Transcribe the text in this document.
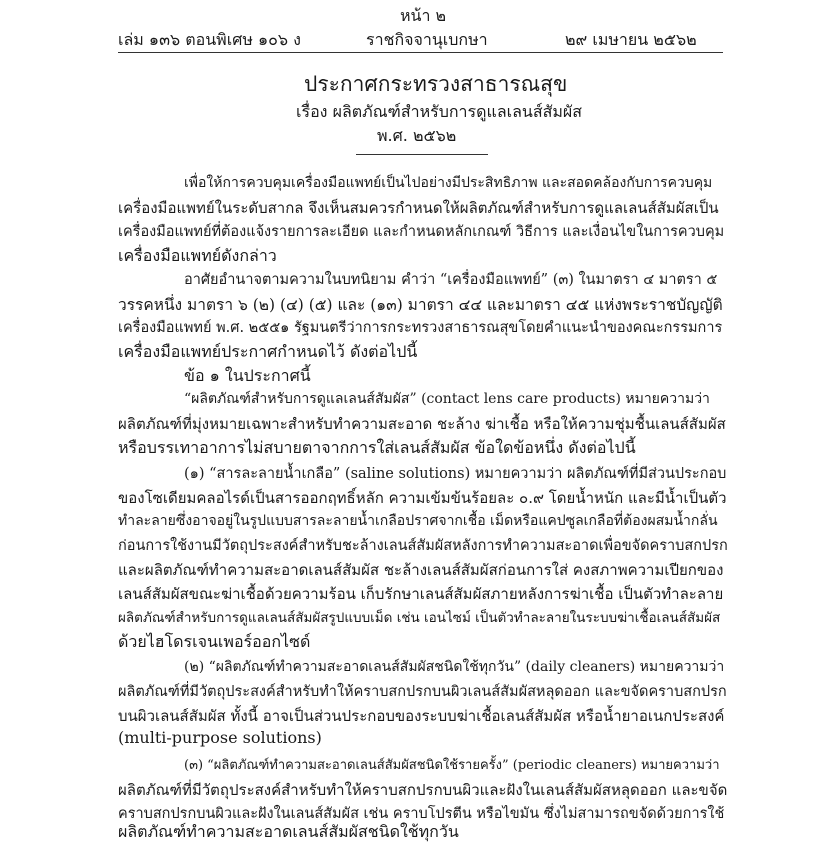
หน้า ๒
เล่ม ๑๓๖ ตอนพิเศษ ๑๐๖ ง	ราชกิจจานุเบกษา	๒๙ เมษายน ๒๕๖๒
ประกาศกระทรวงสาธารณสุข
เรื่อง ผลิตภัณฑ์สำหรับการดูแลเลนส์สัมผัส
พ.ศ. ๒๕๖๒
เพื่อให้การควบคุมเครื่องมือแพทย์เป็นไปอย่างมีประสิทธิภาพ และสอดคล้องกับการควบคุม
เครื่องมือแพทย์ในระดับสากล จึงเห็นสมควรกำหนดให้ผลิตภัณฑ์สำหรับการดูแลเลนส์สัมผัสเป็น
เครื่องมือแพทย์ที่ต้องแจ้งรายการละเอียด และกำหนดหลักเกณฑ์ วิธีการ และเงื่อนไขในการควบคุม
เครื่องมือแพทย์ดังกล่าว
อาศัยอำนาจตามความในบทนิยาม คำว่า “เครื่องมือแพทย์” (๓) ในมาตรา ๔ มาตรา ๕
วรรคหนึ่ง มาตรา ๖ (๒) (๔) (๕) และ (๑๓) มาตรา ๔๔ และมาตรา ๔๕ แห่งพระราชบัญญัติ
เครื่องมือแพทย์ พ.ศ. ๒๕๕๑ รัฐมนตรีว่าการกระทรวงสาธารณสุขโดยคำแนะนำของคณะกรรมการ
เครื่องมือแพทย์ประกาศกำหนดไว้ ดังต่อไปนี้
ข้อ ๑ ในประกาศนี้
“ผลิตภัณฑ์สำหรับการดูแลเลนส์สัมผัส” (contact lens care products) หมายความว่า
ผลิตภัณฑ์ที่มุ่งหมายเฉพาะสำหรับทำความสะอาด ชะล้าง ฆ่าเชื้อ หรือให้ความชุ่มชื้นเลนส์สัมผัส
หรือบรรเทาอาการไม่สบายตาจากการใส่เลนส์สัมผัส ข้อใดข้อหนึ่ง ดังต่อไปนี้
(๑) “สารละลายน้ำเกลือ” (saline solutions) หมายความว่า ผลิตภัณฑ์ที่มีส่วนประกอบ
ของโซเดียมคลอไรด์เป็นสารออกฤทธิ์หลัก ความเข้มข้นร้อยละ ๐.๙ โดยน้ำหนัก และมีน้ำเป็นตัว
ทำละลายซึ่งอาจอยู่ในรูปแบบสารละลายน้ำเกลือปราศจากเชื้อ เม็ดหรือแคปซูลเกลือที่ต้องผสมน้ำกลั่น
ก่อนการใช้งานมีวัตถุประสงค์สำหรับชะล้างเลนส์สัมผัสหลังการทำความสะอาดเพื่อขจัดคราบสกปรก
และผลิตภัณฑ์ทำความสะอาดเลนส์สัมผัส ชะล้างเลนส์สัมผัสก่อนการใส่ คงสภาพความเปียกของ
เลนส์สัมผัสขณะฆ่าเชื้อด้วยความร้อน เก็บรักษาเลนส์สัมผัสภายหลังการฆ่าเชื้อ เป็นตัวทำละลาย
ผลิตภัณฑ์สำหรับการดูแลเลนส์สัมผัสรูปแบบเม็ด เช่น เอนไซม์ เป็นตัวทำละลายในระบบฆ่าเชื้อเลนส์สัมผัส
ด้วยไฮโดรเจนเพอร์ออกไซด์
(๒) “ผลิตภัณฑ์ทำความสะอาดเลนส์สัมผัสชนิดใช้ทุกวัน” (daily cleaners) หมายความว่า
ผลิตภัณฑ์ที่มีวัตถุประสงค์สำหรับทำให้คราบสกปรกบนผิวเลนส์สัมผัสหลุดออก และขจัดคราบสกปรก
บนผิวเลนส์สัมผัส ทั้งนี้ อาจเป็นส่วนประกอบของระบบฆ่าเชื้อเลนส์สัมผัส หรือน้ำยาอเนกประสงค์
(multi-purpose solutions)
(๓) “ผลิตภัณฑ์ทำความสะอาดเลนส์สัมผัสชนิดใช้รายครั้ง” (periodic cleaners) หมายความว่า
ผลิตภัณฑ์ที่มีวัตถุประสงค์สำหรับทำให้คราบสกปรกบนผิวและฝังในเลนส์สัมผัสหลุดออก และขจัด
คราบสกปรกบนผิวและฝังในเลนส์สัมผัส เช่น คราบโปรตีน หรือไขมัน ซึ่งไม่สามารถขจัดด้วยการใช้
ผลิตภัณฑ์ทำความสะอาดเลนส์สัมผัสชนิดใช้ทุกวัน
